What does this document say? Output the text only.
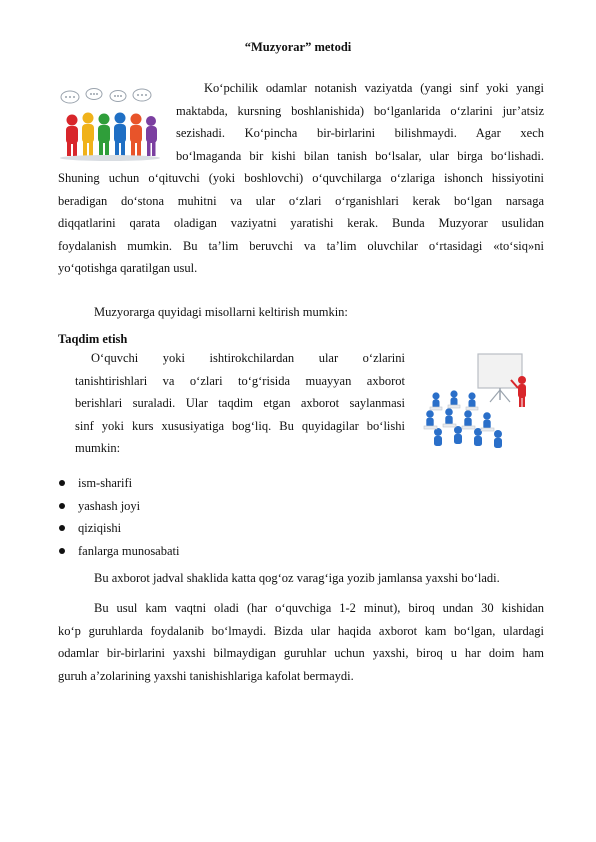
“Muzyorar” metodi
Ko‘pchilik odamlar notanish vaziyatda (yangi sinf yoki yangi
maktabda, kursning boshlanishida) bo‘lganlarida o‘zlarini jur’atsiz
sezishadi. Ko‘pincha bir-birlarini bilishmaydi. Agar xech
bo‘lmaganda bir kishi bilan tanish bo‘lsalar, ular birga bo‘lishadi.
Shuning uchun o‘qituvchi (yoki boshlovchi) o‘quvchilarga o‘zlariga ishonch hissiyotini
beradigan do‘stona muhitni va ular o‘zlari o‘rganishlari kerak bo‘lgan narsaga
diqqatlarini qarata oladigan vaziyatni yaratishi kerak. Bunda Muzyorar usulidan
foydalanish mumkin. Bu ta’lim beruvchi va ta’lim oluvchilar o‘rtasidagi «to‘siq»ni
yo‘qotishga qaratilgan usul.
Muzyorarga quyidagi misollarni keltirish mumkin:
Taqdim etish
O‘quvchi yoki ishtirokchilardan ular o‘zlarini
tanishtirishlari va o‘zlari to‘g‘risida muayyan axborot
berishlari suraladi. Ular taqdim etgan axborot saylanmasi
sinf yoki kurs xususiyatiga bog‘liq. Bu quyidagilar bo‘lishi
mumkin:
ism-sharifi
yashash joyi
qiziqishi
fanlarga munosabati
Bu axborot jadval shaklida katta qog‘oz varag‘iga yozib jamlansa yaxshi bo‘ladi.
Bu usul kam vaqtni oladi (har o‘quvchiga 1-2 minut), biroq undan 30 kishidan
ko‘p guruhlarda foydalanib bo‘lmaydi. Bizda ular haqida axborot kam bo‘lgan, ulardagi
odamlar bir-birlarini yaxshi bilmaydigan guruhlar uchun yaxshi, biroq u har doim ham
guruh a’zolarining yaxshi tanishishlariga kafolat bermaydi.
